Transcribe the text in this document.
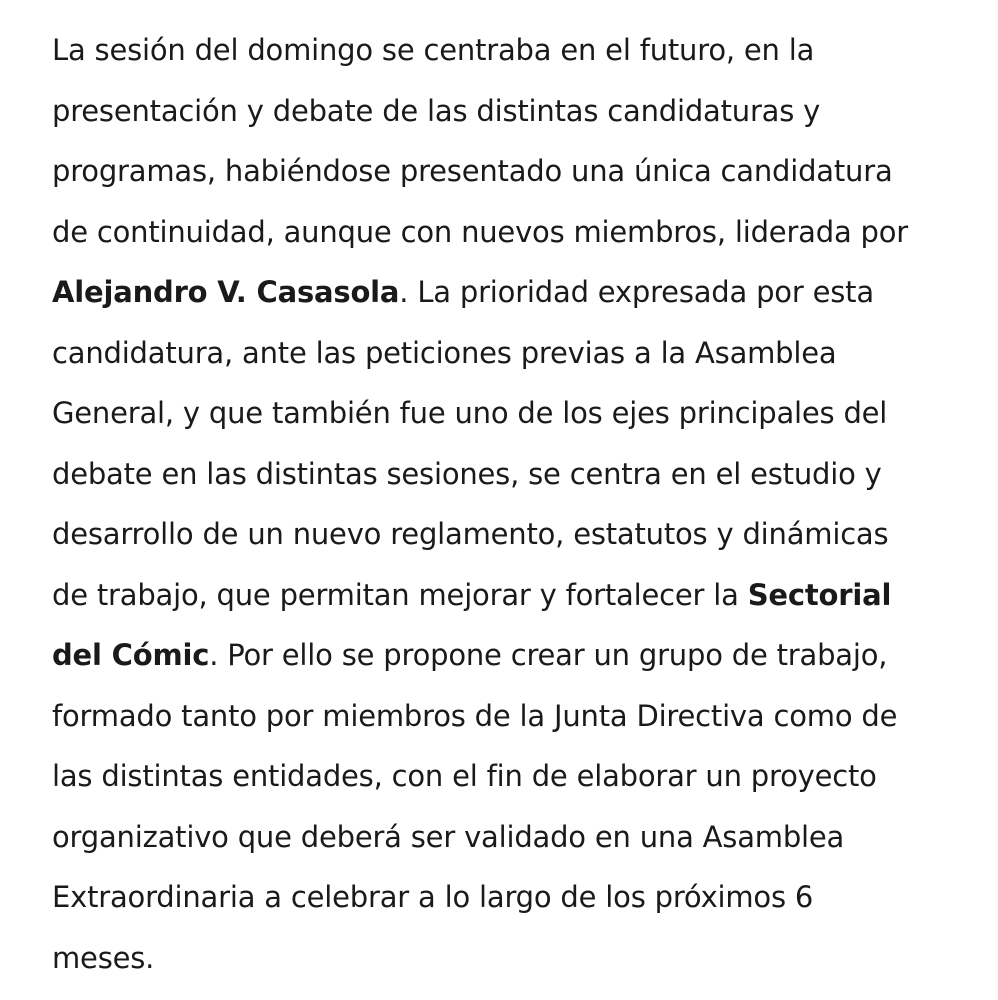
La sesión del domingo se centraba en el futuro, en la
presentación y debate de las distintas candidaturas y
programas, habiéndose presentado una única candidatura
de continuidad, aunque con nuevos miembros, liderada por
Alejandro V. Casasola. La prioridad expresada por esta
candidatura, ante las peticiones previas a la Asamblea
General, y que también fue uno de los ejes principales del
debate en las distintas sesiones, se centra en el estudio y
desarrollo de un nuevo reglamento, estatutos y dinámicas
de trabajo, que permitan mejorar y fortalecer la Sectorial
del Cómic. Por ello se propone crear un grupo de trabajo,
formado tanto por miembros de la Junta Directiva como de
las distintas entidades, con el fin de elaborar un proyecto
organizativo que deberá ser validado en una Asamblea
Extraordinaria a celebrar a lo largo de los próximos 6
meses.
